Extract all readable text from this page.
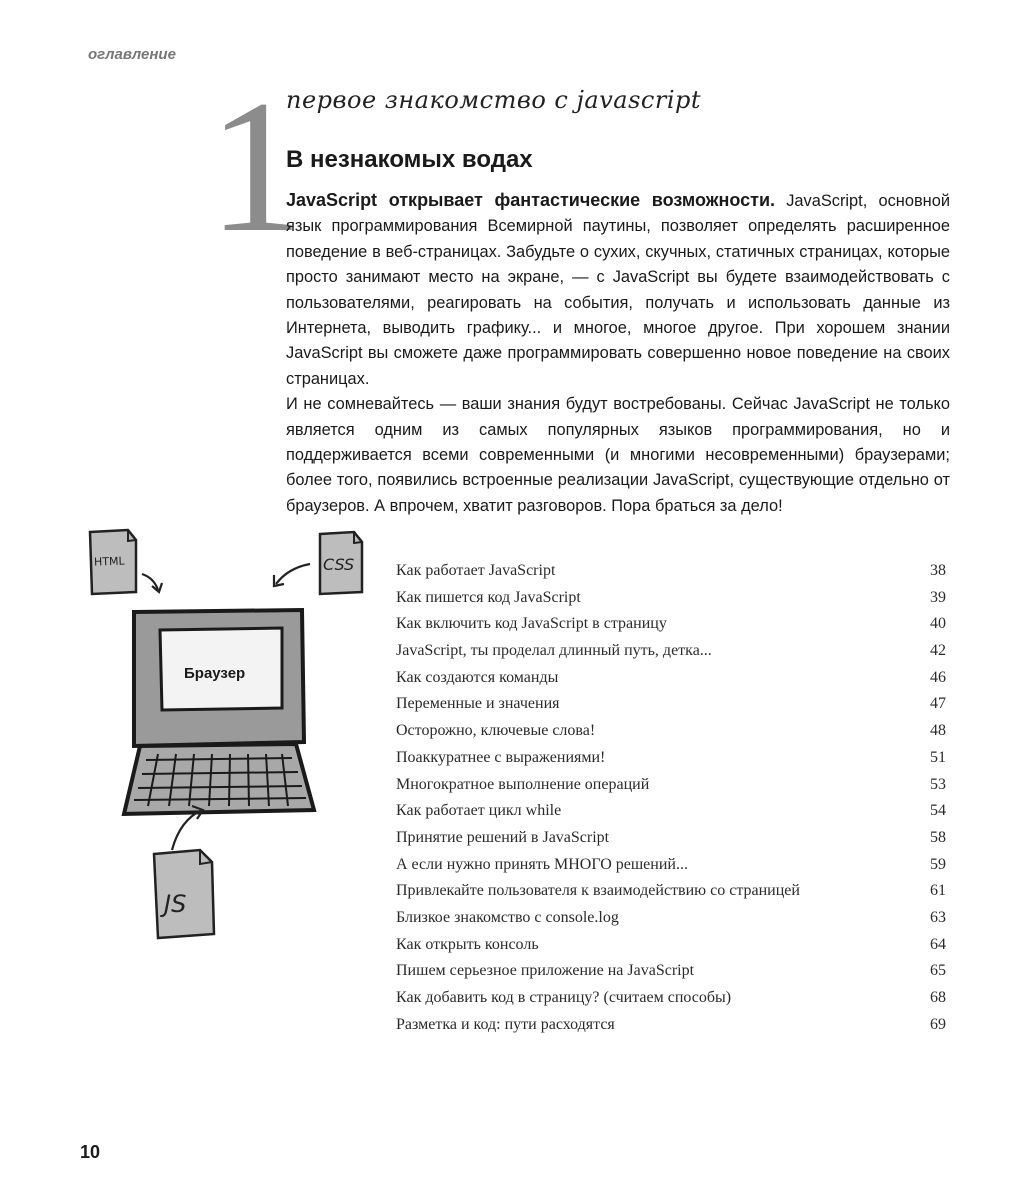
оглавление
1
первое знакомство с javascript
В незнакомых водах

JavaScript открывает фантастические возможности. JavaScript, основной язык программирования Всемирной паутины, позволяет определять расширенное поведение в веб-страницах. Забудьте о сухих, скучных, статичных страницах, которые просто занимают место на экране, — с JavaScript вы будете взаимодействовать с пользователями, реагировать на события, получать и использовать данные из Интернета, выводить графику... и многое, многое другое. При хорошем знании JavaScript вы сможете даже программировать совершенно новое поведение на своих страницах.

И не сомневайтесь — ваши знания будут востребованы. Сейчас JavaScript не только является одним из самых популярных языков программирования, но и поддерживается всеми современными (и многими несовременными) браузерами; более того, появились встроенные реализации JavaScript, существующие отдельно от браузеров. А впрочем, хватит разговоров. Пора браться за дело!

HTML	CSS
Браузер
JS
Как работает JavaScript	38
Как пишется код JavaScript	39
Как включить код JavaScript в страницу	40
JavaScript, ты проделал длинный путь, детка...	42
Как создаются команды	46
Переменные и значения	47
Осторожно, ключевые слова!	48
Поаккуратнее с выражениями!	51
Многократное выполнение операций	53
Как работает цикл while	54
Принятие решений в JavaScript	58
А если нужно принять МНОГО решений...	59
Привлекайте пользователя к взаимодействию со страницей	61
Близкое знакомство с console.log	63
Как открыть консоль	64
Пишем серьезное приложение на JavaScript	65
Как добавить код в страницу? (считаем способы)	68
Разметка и код: пути расходятся	69
10
